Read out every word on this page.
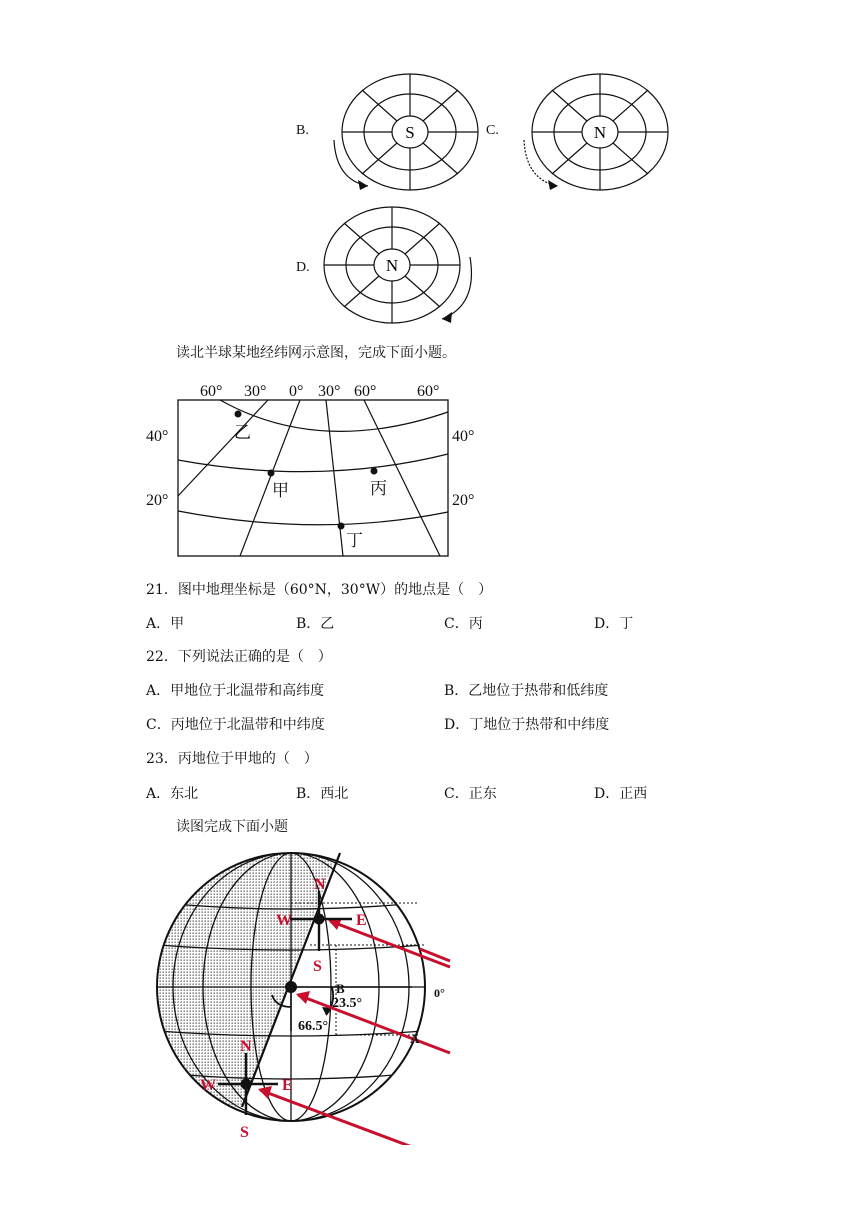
B.	S	C.	N
D.	N
读北半球某地经纬网示意图，完成下面小题。
60° 30° 0° 30° 60°	60°
40°
20°
40°
20°
乙
甲	丙
丁
21．图中地理坐标是（60°N，30°W）的地点是（　）
A．甲	B．乙	C．丙	D．丁
22．下列说法正确的是（　）
A．甲地位于北温带和高纬度	B．乙地位于热带和低纬度
C．丙地位于北温带和中纬度	D．丁地位于热带和中纬度
23．丙地位于甲地的（　）
A．东北	B．西北	C．正东	D．正西
读图完成下面小题
N
W	E
S
N
W	E
S
B
A
23.5°
66.5°
0°
